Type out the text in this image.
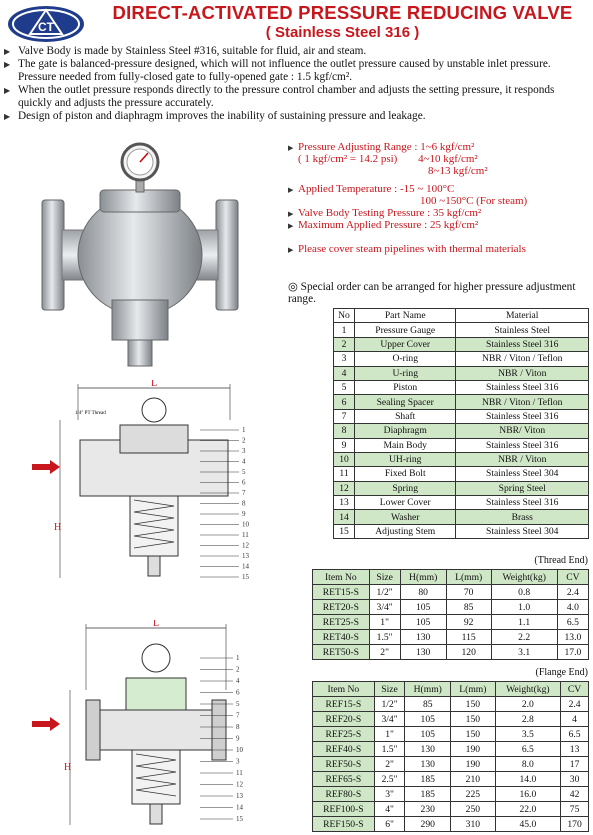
CT
DIRECT-ACTIVATED PRESSURE REDUCING VALVE
( Stainless Steel 316 )
▶ Valve Body is made by Stainless Steel #316, suitable for fluid, air and steam.
▶ The gate is balanced-pressure designed, which will not influence the outlet pressure caused by unstable inlet pressure. Pressure needed from fully-closed gate to fully-opened gate : 1.5 kgf/cm².
▶ When the outlet pressure responds directly to the pressure control chamber and adjusts the setting pressure, it responds quickly and adjusts the pressure accurately.
▶ Design of piston and diaphragm improves the inability of sustaining pressure and leakage.
▶ Pressure Adjusting Range : 1~6 kgf/cm²
( 1 kgf/cm² = 14.2 psi) 4~10 kgf/cm²
8~13 kgf/cm²
▶ Applied Temperature : -15 ~ 100°C
100 ~150°C (For steam)
▶ Valve Body Testing Pressure : 35 kgf/cm²
▶ Maximum Applied Pressure : 25 kgf/cm²
▶ Please cover steam pipelines with thermal materials
◎ Special order can be arranged for higher pressure adjustment range.
No	Part Name	Material
1	Pressure Gauge	Stainless Steel
2	Upper Cover	Stainless Steel 316
3	O-ring	NBR / Viton / Teflon
4	U-ring	NBR / Viton
5	Piston	Stainless Steel 316
6	Sealing Spacer	NBR / Viton / Teflon
7	Shaft	Stainless Steel 316
8	Diaphragm	NBR/ Viton
9	Main Body	Stainless Steel 316
10	UH-ring	NBR / Viton
11	Fixed Bolt	Stainless Steel 304
12	Spring	Spring Steel
13	Lower Cover	Stainless Steel 316
14	Washer	Brass
15	Adjusting Stem	Stainless Steel 304
(Thread End)
Item No	Size	H(mm)	L(mm)	Weight(kg)	CV
RET15-S	1/2"	80	70	0.8	2.4
RET20-S	3/4"	105	85	1.0	4.0
RET25-S	1"	105	92	1.1	6.5
RET40-S	1.5"	130	115	2.2	13.0
RET50-S	2"	130	120	3.1	17.0
(Flange End)
Item No	Size	H(mm)	L(mm)	Weight(kg)	CV
REF15-S	1/2"	85	150	2.0	2.4
REF20-S	3/4"	105	150	2.8	4
REF25-S	1"	105	150	3.5	6.5
REF40-S	1.5"	130	190	6.5	13
REF50-S	2"	130	190	8.0	17
REF65-S	2.5"	185	210	14.0	30
REF80-S	3"	185	225	16.0	42
REF100-S	4"	230	250	22.0	75
REF150-S	6"	290	310	45.0	170
L
1/4" PT Thread
H
1
2
3
4
5
6
7
8
9
10
11
12
13
14
15
L
H
1
2
4
6
5
7
8
9
10
3
11
12
13
14
15
